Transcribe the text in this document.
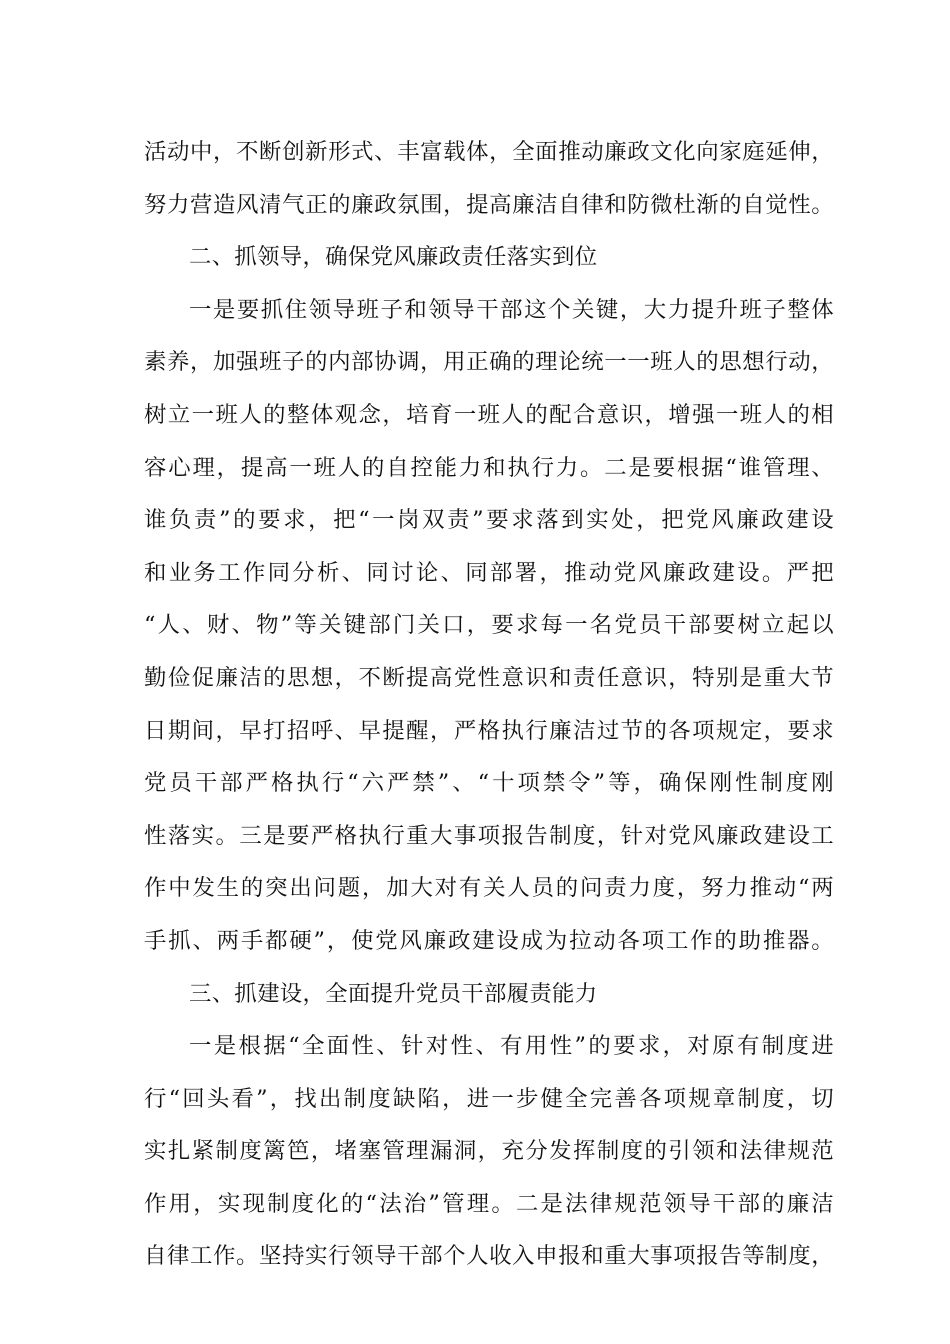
活动中，不断创新形式、丰富载体，全面推动廉政文化向家庭延伸，
努力营造风清气正的廉政氛围，提高廉洁自律和防微杜渐的自觉性。
二、抓领导，确保党风廉政责任落实到位
一是要抓住领导班子和领导干部这个关键，大力提升班子整体
素养，加强班子的内部协调，用正确的理论统一一班人的思想行动，
树立一班人的整体观念，培育一班人的配合意识，增强一班人的相
容心理，提高一班人的自控能力和执行力。二是要根据“谁管理、
谁负责”的要求，把“一岗双责”要求落到实处，把党风廉政建设
和业务工作同分析、同讨论、同部署，推动党风廉政建设。严把
“人、财、物”等关键部门关口，要求每一名党员干部要树立起以
勤俭促廉洁的思想，不断提高党性意识和责任意识，特别是重大节
日期间，早打招呼、早提醒，严格执行廉洁过节的各项规定，要求
党员干部严格执行“六严禁”、“十项禁令”等，确保刚性制度刚
性落实。三是要严格执行重大事项报告制度，针对党风廉政建设工
作中发生的突出问题，加大对有关人员的问责力度，努力推动“两
手抓、两手都硬”，使党风廉政建设成为拉动各项工作的助推器。
三、抓建设，全面提升党员干部履责能力
一是根据“全面性、针对性、有用性”的要求，对原有制度进
行“回头看”，找出制度缺陷，进一步健全完善各项规章制度，切
实扎紧制度篱笆，堵塞管理漏洞，充分发挥制度的引领和法律规范
作用，实现制度化的“法治”管理。二是法律规范领导干部的廉洁
自律工作。坚持实行领导干部个人收入申报和重大事项报告等制度，
